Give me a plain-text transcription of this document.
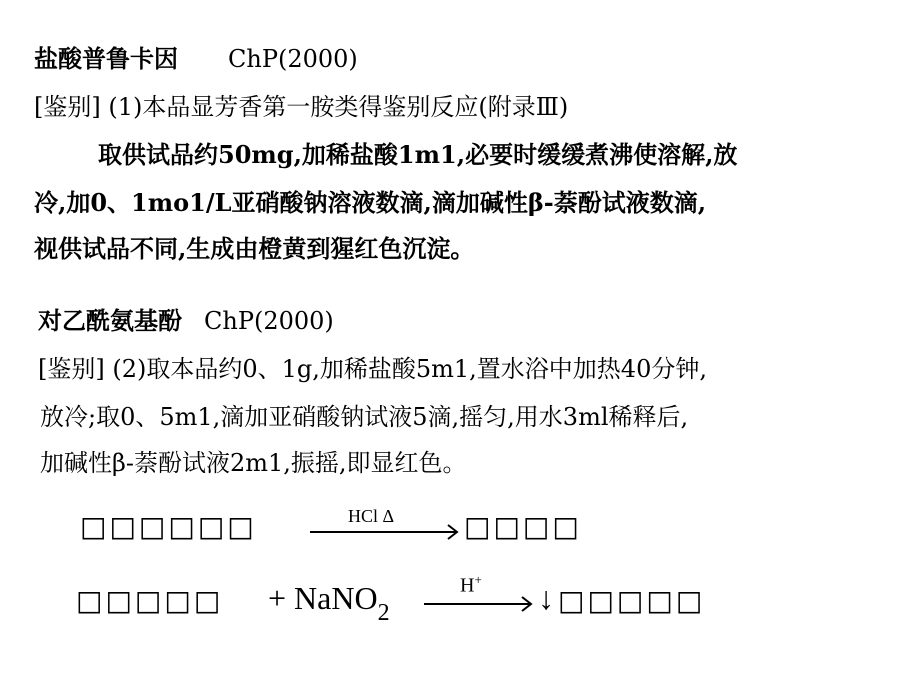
盐酸普鲁卡因 ChP(2000)
[鉴别] (1)本品显芳香第一胺类得鉴别反应(附录Ⅲ)
取供试品约50mg,加稀盐酸1m1,必要时缓缓煮沸使溶解,放
冷,加0、1mo1/L亚硝酸钠溶液数滴,滴加碱性β-萘酚试液数滴,
视供试品不同,生成由橙黄到猩红色沉淀。
对乙酰氨基酚 ChP(2000)
[鉴别] (2)取本品约0、1g,加稀盐酸5m1,置水浴中加热40分钟,
放冷;取0、5m1,滴加亚硝酸钠试液5滴,摇匀,用水3ml稀释后,
加碱性β-萘酚试液2m1,振摇,即显红色。
□□□□□□	HCl Δ □□□□
□□□□□ + NaNO$_2$
H+
↓ □□□□□
